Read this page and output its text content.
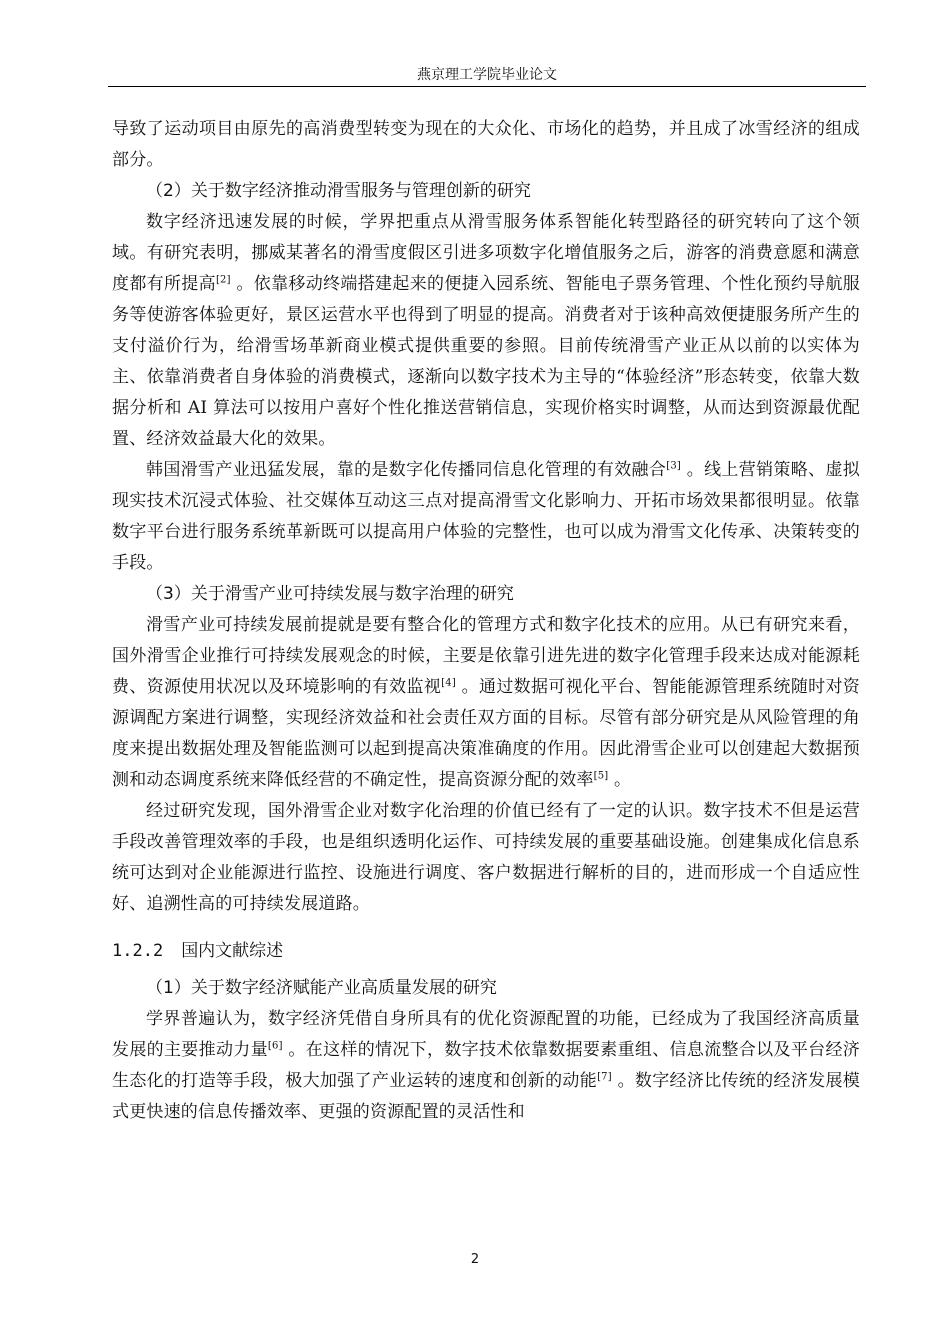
燕京理工学院毕业论文

导致了运动项目由原先的高消费型转变为现在的大众化、市场化的趋势，并且成了冰雪经济的组成部分。

（2）关于数字经济推动滑雪服务与管理创新的研究

数字经济迅速发展的时候，学界把重点从滑雪服务体系智能化转型路径的研究转向了这个领域。有研究表明，挪威某著名的滑雪度假区引进多项数字化增值服务之后，游客的消费意愿和满意度都有所提高[2] 。依靠移动终端搭建起来的便捷入园系统、智能电子票务管理、个性化预约导航服务等使游客体验更好，景区运营水平也得到了明显的提高。消费者对于该种高效便捷服务所产生的支付溢价行为，给滑雪场革新商业模式提供重要的参照。目前传统滑雪产业正从以前的以实体为主、依靠消费者自身体验的消费模式，逐渐向以数字技术为主导的“体验经济”形态转变，依靠大数据分析和 AI 算法可以按用户喜好个性化推送营销信息，实现价格实时调整，从而达到资源最优配置、经济效益最大化的效果。

韩国滑雪产业迅猛发展，靠的是数字化传播同信息化管理的有效融合[3] 。线上营销策略、虚拟现实技术沉浸式体验、社交媒体互动这三点对提高滑雪文化影响力、开拓市场效果都很明显。依靠数字平台进行服务系统革新既可以提高用户体验的完整性，也可以成为滑雪文化传承、决策转变的手段。

（3）关于滑雪产业可持续发展与数字治理的研究

滑雪产业可持续发展前提就是要有整合化的管理方式和数字化技术的应用。从已有研究来看，国外滑雪企业推行可持续发展观念的时候，主要是依靠引进先进的数字化管理手段来达成对能源耗费、资源使用状况以及环境影响的有效监视[4] 。通过数据可视化平台、智能能源管理系统随时对资源调配方案进行调整，实现经济效益和社会责任双方面的目标。尽管有部分研究是从风险管理的角度来提出数据处理及智能监测可以起到提高决策准确度的作用。因此滑雪企业可以创建起大数据预测和动态调度系统来降低经营的不确定性，提高资源分配的效率[5] 。

经过研究发现，国外滑雪企业对数字化治理的价值已经有了一定的认识。数字技术不但是运营手段改善管理效率的手段，也是组织透明化运作、可持续发展的重要基础设施。创建集成化信息系统可达到对企业能源进行监控、设施进行调度、客户数据进行解析的目的，进而形成一个自适应性好、追溯性高的可持续发展道路。

1.2.2 国内文献综述
（1）关于数字经济赋能产业高质量发展的研究

学界普遍认为，数字经济凭借自身所具有的优化资源配置的功能，已经成为了我国经济高质量发展的主要推动力量[6] 。在这样的情况下，数字技术依靠数据要素重组、信息流整合以及平台经济生态化的打造等手段，极大加强了产业运转的速度和创新的动能[7] 。数字经济比传统的经济发展模式更快速的信息传播效率、更强的资源配置的灵活性和

2
